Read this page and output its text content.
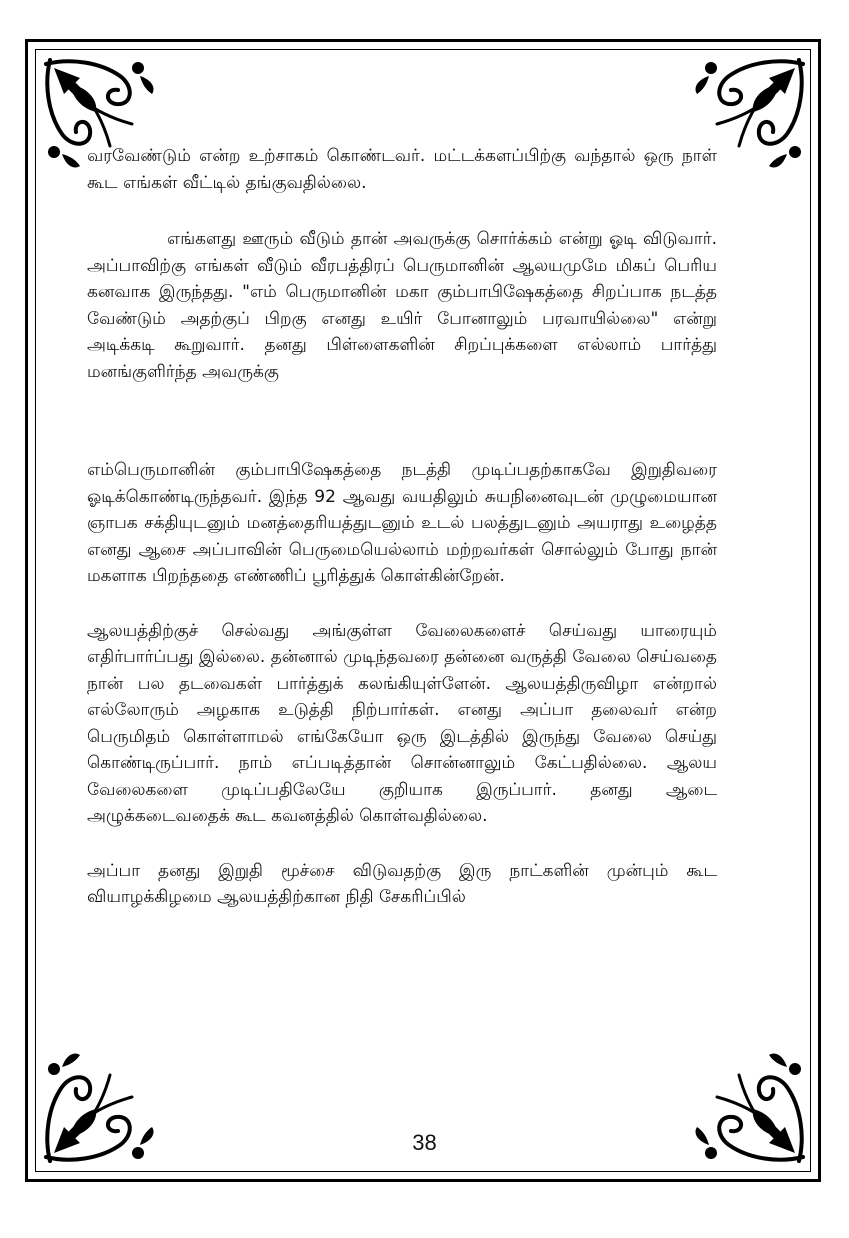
வரவேண்டும் என்ற உற்சாகம் கொண்டவர். மட்டக்களப்பிற்கு வந்தால் ஒரு நாள் கூட எங்கள் வீட்டில் தங்குவதில்லை.

எங்களது ஊரும் வீடும் தான் அவருக்கு சொர்க்கம் என்று ஓடி விடுவார். அப்பாவிற்கு எங்கள் வீடும் வீரபத்திரப் பெருமானின் ஆலயமுமே மிகப் பெரிய கனவாக இருந்தது. "எம் பெருமானின் மகா கும்பாபிஷேகத்தை சிறப்பாக நடத்த வேண்டும் அதற்குப் பிறகு எனது உயிர் போனாலும் பரவாயில்லை" என்று அடிக்கடி கூறுவார். தனது பிள்ளைகளின் சிறப்புக்களை எல்லாம் பார்த்து மனங்குளிர்ந்த அவருக்கு

எம்பெருமானின் கும்பாபிஷேகத்தை நடத்தி முடிப்பதற்காகவே இறுதிவரை ஓடிக்கொண்டிருந்தவர். இந்த 92 ஆவது வயதிலும் சுயநினைவுடன் முழுமையான ஞாபக சக்தியுடனும் மனத்தைரியத்துடனும் உடல் பலத்துடனும் அயராது உழைத்த எனது ஆசை அப்பாவின் பெருமையெல்லாம் மற்றவர்கள் சொல்லும் போது நான் மகளாக பிறந்ததை எண்ணிப் பூரித்துக் கொள்கின்றேன்.

ஆலயத்திற்குச் செல்வது அங்குள்ள வேலைகளைச் செய்வது யாரையும் எதிர்பார்ப்பது இல்லை. தன்னால் முடிந்தவரை தன்னை வருத்தி வேலை செய்வதை நான் பல தடவைகள் பார்த்துக் கலங்கியுள்ளேன். ஆலயத்திருவிழா என்றால் எல்லோரும் அழகாக உடுத்தி நிற்பார்கள். எனது அப்பா தலைவர் என்ற பெருமிதம் கொள்ளாமல் எங்கேயோ ஒரு இடத்தில் இருந்து வேலை செய்து கொண்டிருப்பார். நாம் எப்படித்தான் சொன்னாலும் கேட்பதில்லை. ஆலய வேலைகளை முடிப்பதிலேயே குறியாக இருப்பார். தனது ஆடை அழுக்கடைவதைக் கூட கவனத்தில் கொள்வதில்லை.

அப்பா தனது இறுதி மூச்சை விடுவதற்கு இரு நாட்களின் முன்பும் கூட வியாழக்கிழமை ஆலயத்திற்கான நிதி சேகரிப்பில்

38
